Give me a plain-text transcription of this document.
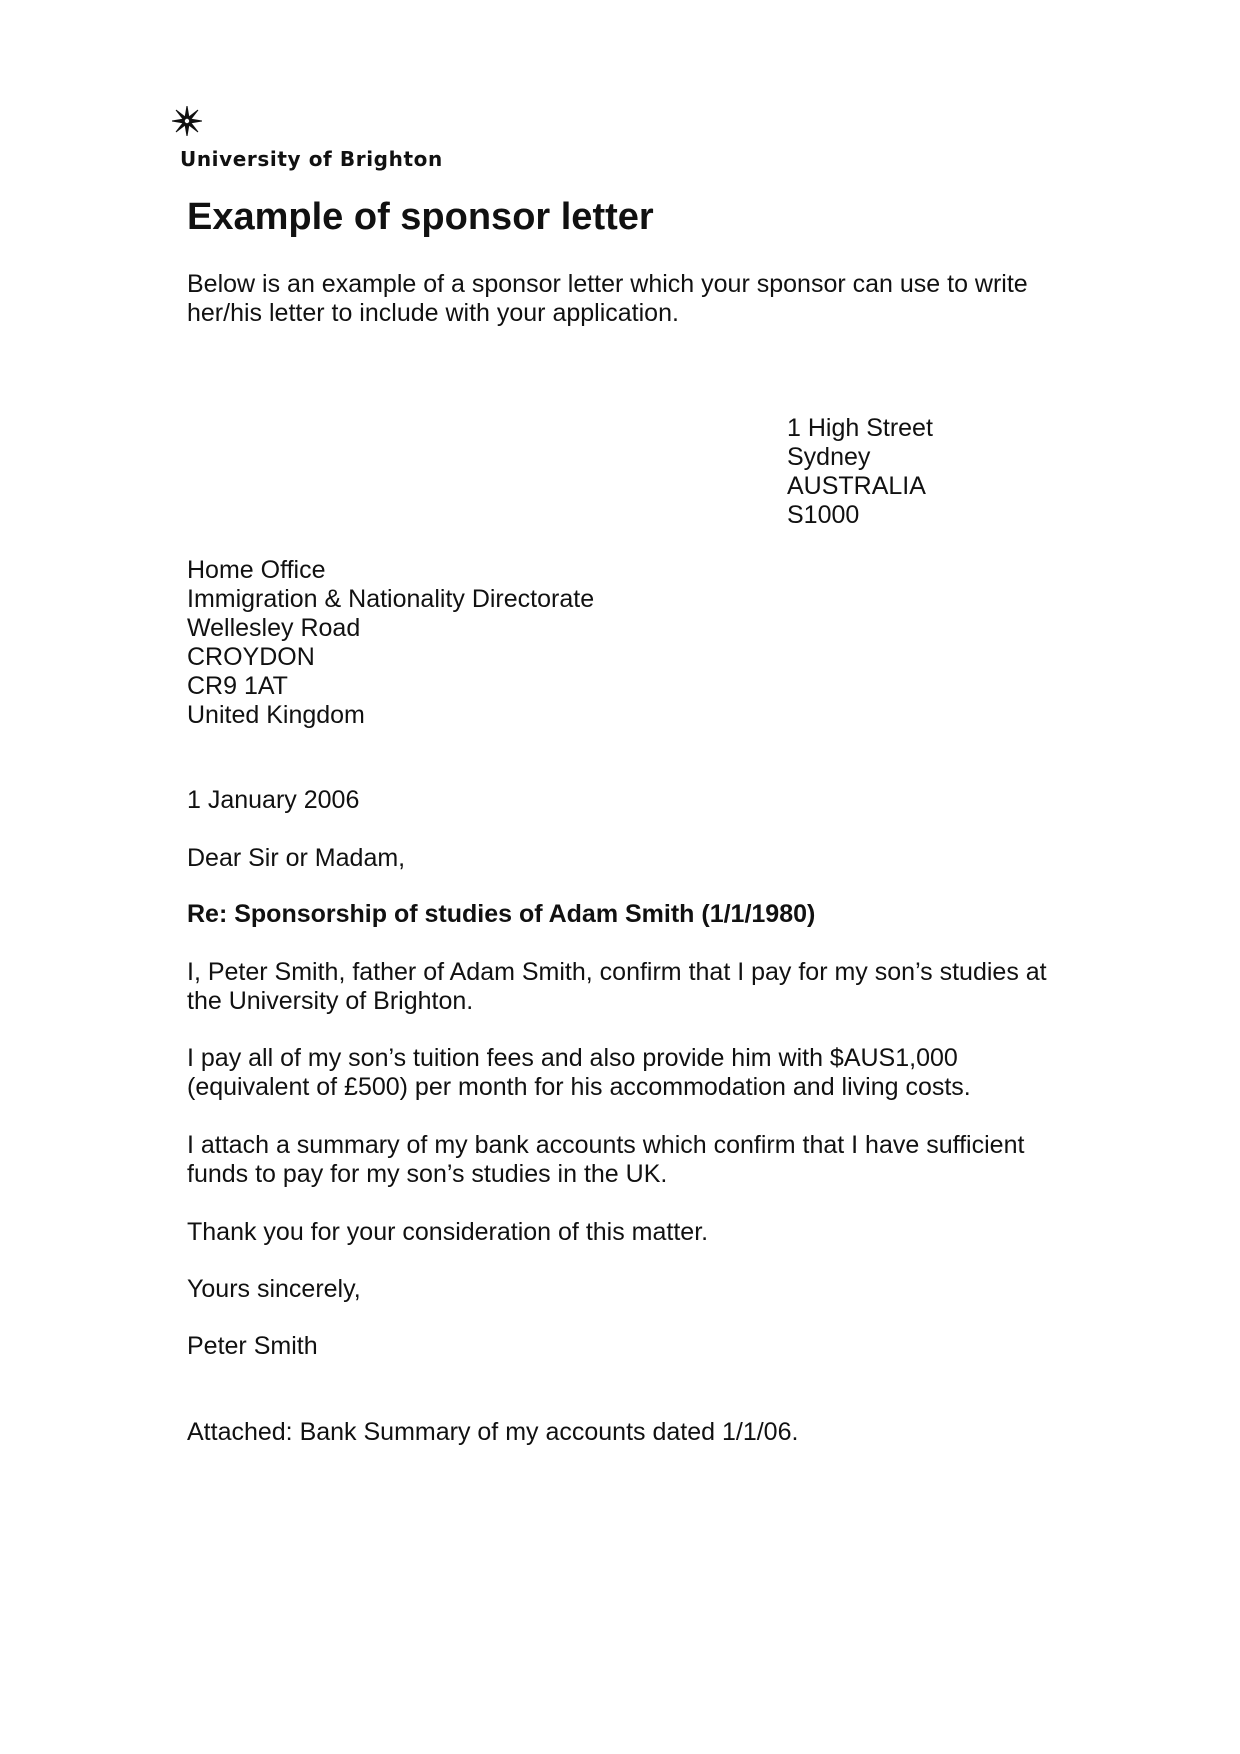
University of Brighton
Example of sponsor letter
Below is an example of a sponsor letter which your sponsor can use to write
her/his letter to include with your application.
1 High Street
Sydney
AUSTRALIA
S1000
Home Office
Immigration & Nationality Directorate
Wellesley Road
CROYDON
CR9 1AT
United Kingdom
1 January 2006
Dear Sir or Madam,
Re: Sponsorship of studies of Adam Smith (1/1/1980)
I, Peter Smith, father of Adam Smith, confirm that I pay for my son’s studies at
the University of Brighton.
I pay all of my son’s tuition fees and also provide him with $AUS1,000
(equivalent of £500) per month for his accommodation and living costs.
I attach a summary of my bank accounts which confirm that I have sufficient
funds to pay for my son’s studies in the UK.
Thank you for your consideration of this matter.
Yours sincerely,
Peter Smith
Attached: Bank Summary of my accounts dated 1/1/06.
